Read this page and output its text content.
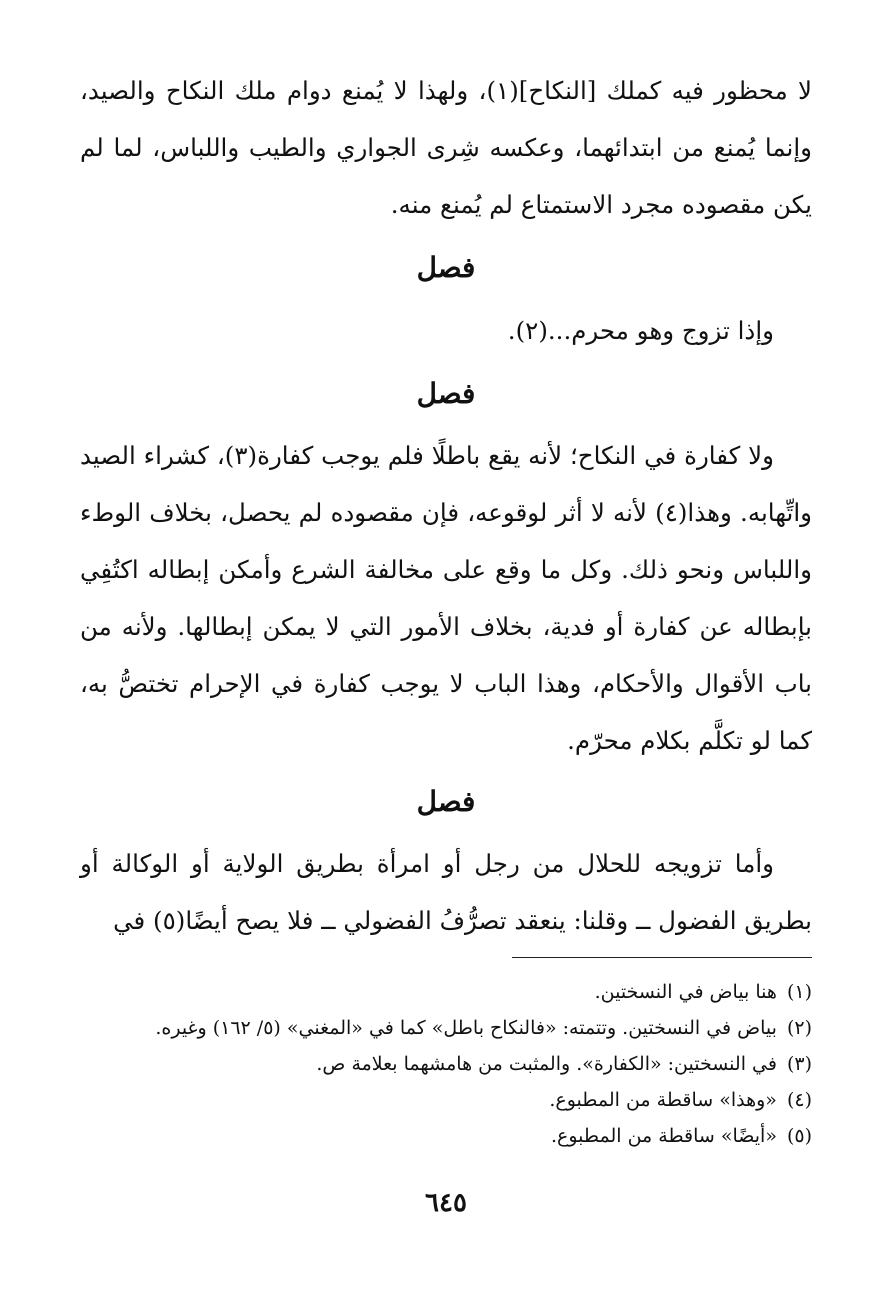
لا محظور فيه كملك [النكاح](١)، ولهذا لا يُمنع دوام ملك النكاح والصيد، وإنما يُمنع من ابتدائهما، وعكسه شِرى الجواري والطيب واللباس، لما لم يكن مقصوده مجرد الاستمتاع لم يُمنع منه.

فصل

وإذا تزوج وهو محرم...(٢).

فصل

ولا كفارة في النكاح؛ لأنه يقع باطلًا فلم يوجب كفارة(٣)، كشراء الصيد واتِّهابه. وهذا(٤) لأنه لا أثر لوقوعه، فإن مقصوده لم يحصل، بخلاف الوطء واللباس ونحو ذلك. وكل ما وقع على مخالفة الشرع وأمكن إبطاله اكتُفِي بإبطاله عن كفارة أو فدية، بخلاف الأمور التي لا يمكن إبطالها. ولأنه من باب الأقوال والأحكام، وهذا الباب لا يوجب كفارة في الإحرام تختصُّ به، كما لو تكلَّم بكلام محرّم.

فصل

وأما تزويجه للحلال من رجل أو امرأة بطريق الولاية أو الوكالة أو بطريق الفضول ــ وقلنا: ينعقد تصرُّفُ الفضولي ــ فلا يصح أيضًا(٥) في

(١)هنا بياض في النسختين.

(٢)بياض في النسختين. وتتمته: «فالنكاح باطل» كما في «المغني» (٥/ ١٦٢) وغيره.

(٣)في النسختين: «الكفارة». والمثبت من هامشهما بعلامة ص.

(٤)«وهذا» ساقطة من المطبوع.

(٥)«أيضًا» ساقطة من المطبوع.

٦٤٥
